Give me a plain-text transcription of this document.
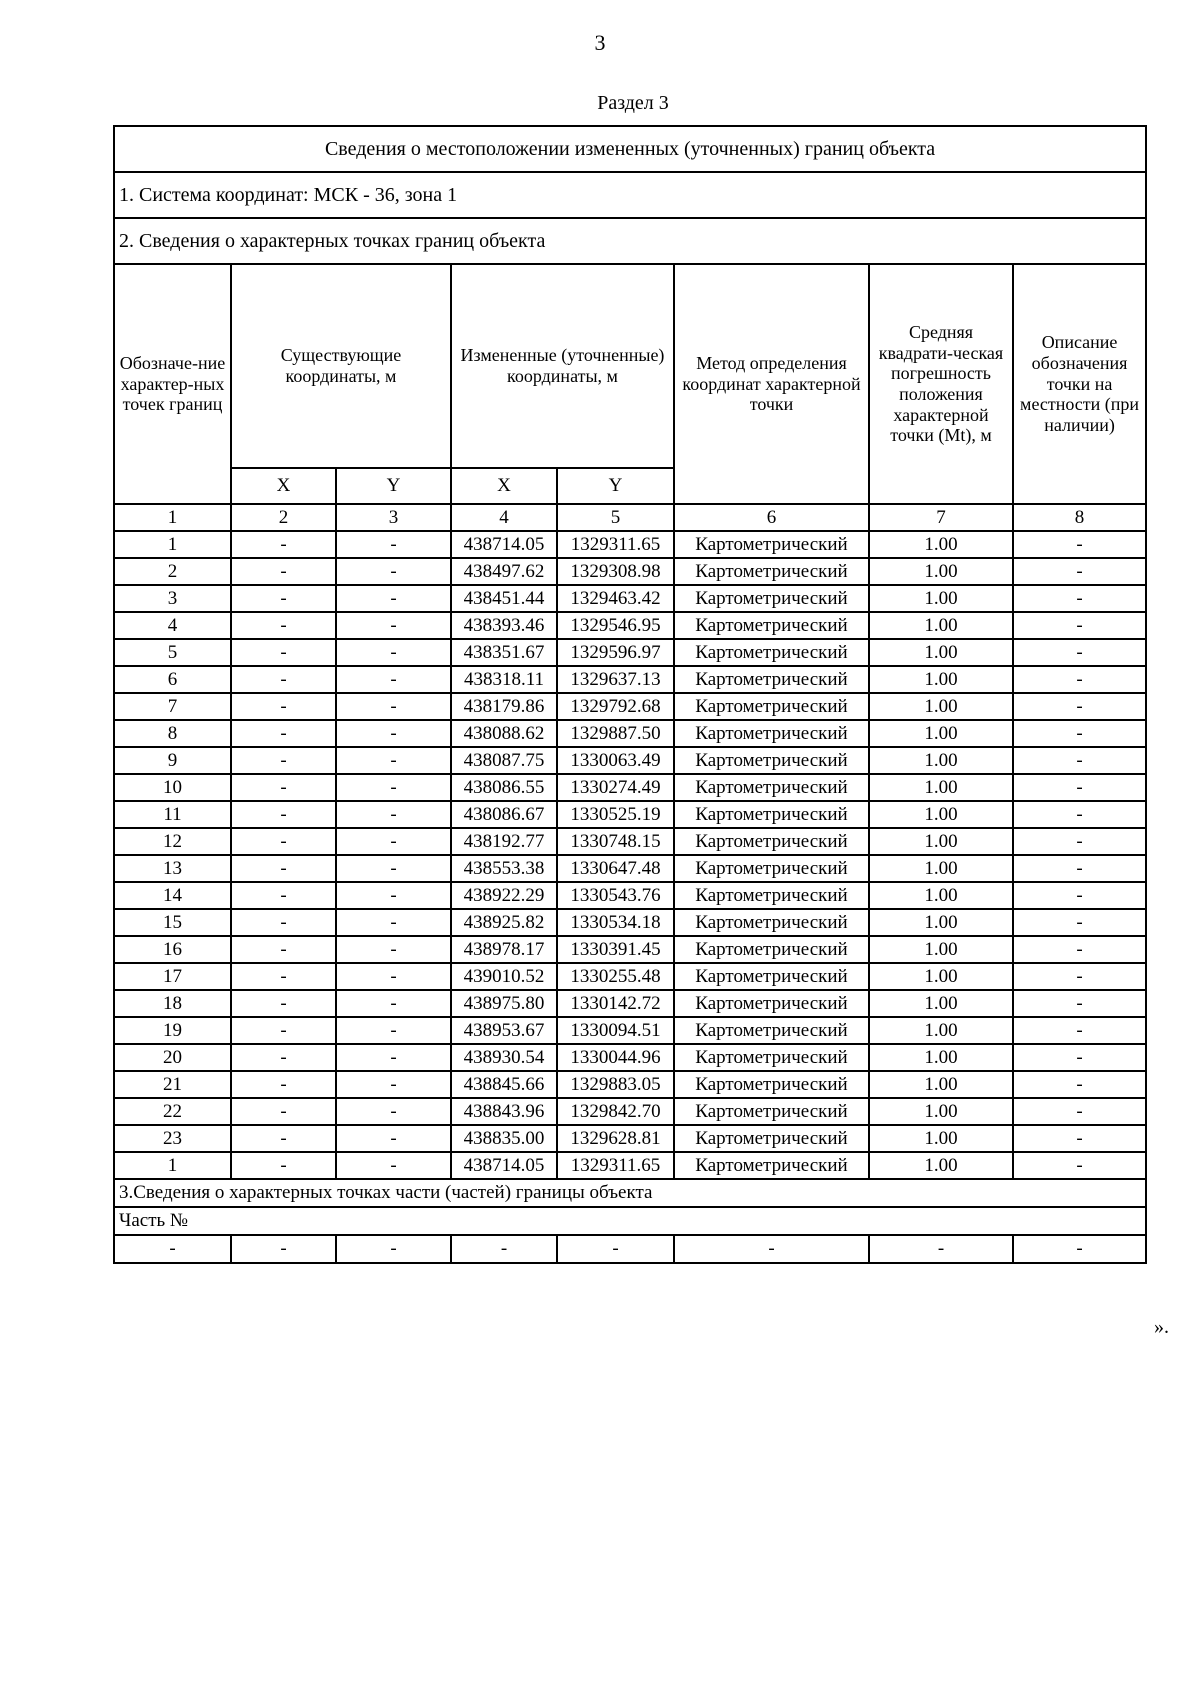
3
Раздел 3
Сведения о местоположении измененных (уточненных) границ объекта							
1. Система координат: МСК - 36, зона 1							
2. Сведения о характерных точках границ объекта							
Обозначе-ние характер-ных точек границ	Существующие координаты, м		Измененные (уточненные) координаты, м		Метод определения координат характерной точки	Средняя квадрати-ческая погрешность положения характерной точки (Mt), м	Описание обозначения точки на местности (при наличии)
	X	Y	X	Y			
1	2	3	4	5	6	7	8
1	-	-	438714.05	1329311.65	Картометрический	1.00	-
2	-	-	438497.62	1329308.98	Картометрический	1.00	-
3	-	-	438451.44	1329463.42	Картометрический	1.00	-
4	-	-	438393.46	1329546.95	Картометрический	1.00	-
5	-	-	438351.67	1329596.97	Картометрический	1.00	-
6	-	-	438318.11	1329637.13	Картометрический	1.00	-
7	-	-	438179.86	1329792.68	Картометрический	1.00	-
8	-	-	438088.62	1329887.50	Картометрический	1.00	-
9	-	-	438087.75	1330063.49	Картометрический	1.00	-
10	-	-	438086.55	1330274.49	Картометрический	1.00	-
11	-	-	438086.67	1330525.19	Картометрический	1.00	-
12	-	-	438192.77	1330748.15	Картометрический	1.00	-
13	-	-	438553.38	1330647.48	Картометрический	1.00	-
14	-	-	438922.29	1330543.76	Картометрический	1.00	-
15	-	-	438925.82	1330534.18	Картометрический	1.00	-
16	-	-	438978.17	1330391.45	Картометрический	1.00	-
17	-	-	439010.52	1330255.48	Картометрический	1.00	-
18	-	-	438975.80	1330142.72	Картометрический	1.00	-
19	-	-	438953.67	1330094.51	Картометрический	1.00	-
20	-	-	438930.54	1330044.96	Картометрический	1.00	-
21	-	-	438845.66	1329883.05	Картометрический	1.00	-
22	-	-	438843.96	1329842.70	Картометрический	1.00	-
23	-	-	438835.00	1329628.81	Картометрический	1.00	-
1	-	-	438714.05	1329311.65	Картометрический	1.00	-
3.Сведения о характерных точках части (частей) границы объекта							
Часть №							
-	-	-	-	-	-	-	-
».
